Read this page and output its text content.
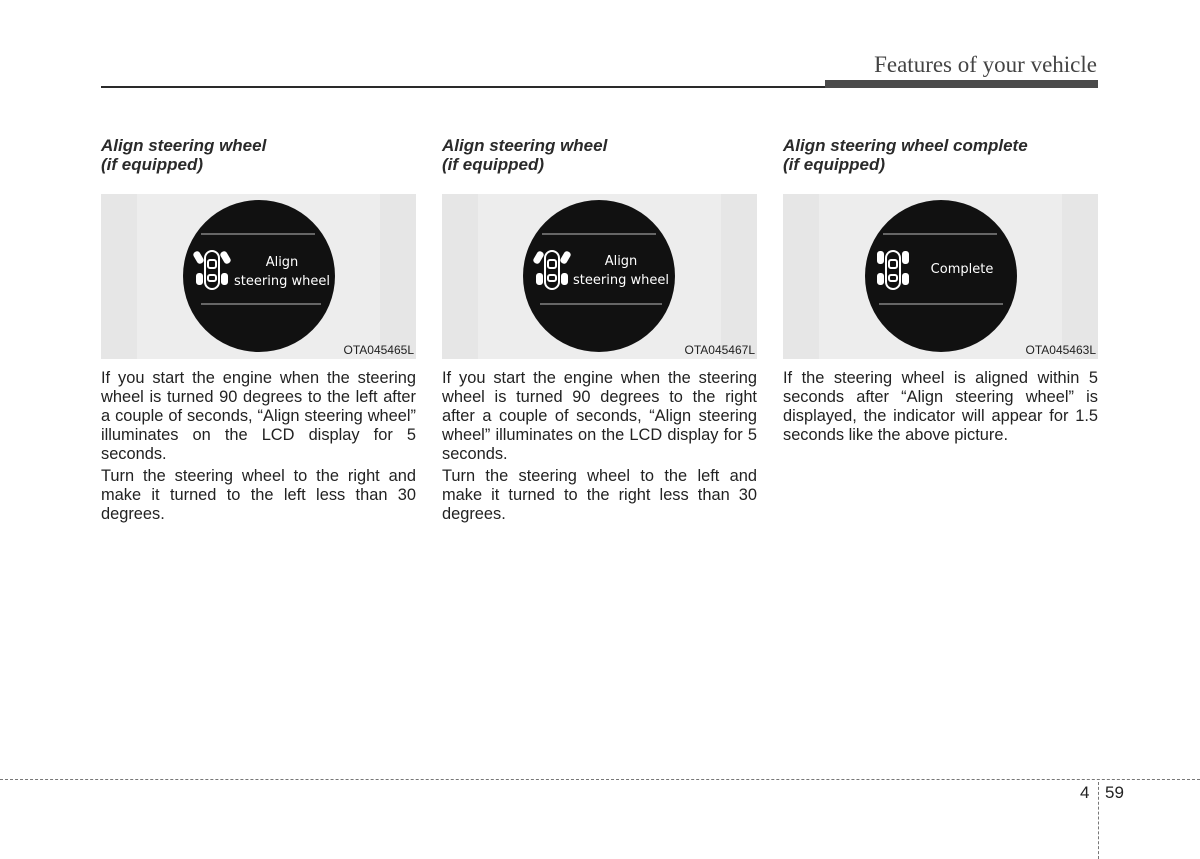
Features of your vehicle
Align steering wheel
(if equipped)
Align
steering wheel
OTA045465L

If you start the engine when the steering wheel is turned 90 degrees to the left after a couple of seconds, “Align steering wheel” illuminates on the LCD display for 5 seconds.

Turn the steering wheel to the right and make it turned to the left less than 30 degrees.

Align steering wheel
(if equipped)
Align
steering wheel
OTA045467L

If you start the engine when the steering wheel is turned 90 degrees to the right after a couple of seconds, “Align steering wheel” illuminates on the LCD display for 5 seconds.

Turn the steering wheel to the left and make it turned to the right less than 30 degrees.

Align steering wheel complete
(if equipped)
Complete
OTA045463L

If the steering wheel is aligned within 5 seconds after “Align steering wheel” is displayed, the indicator will appear for 1.5 seconds like the above picture.

4 59
